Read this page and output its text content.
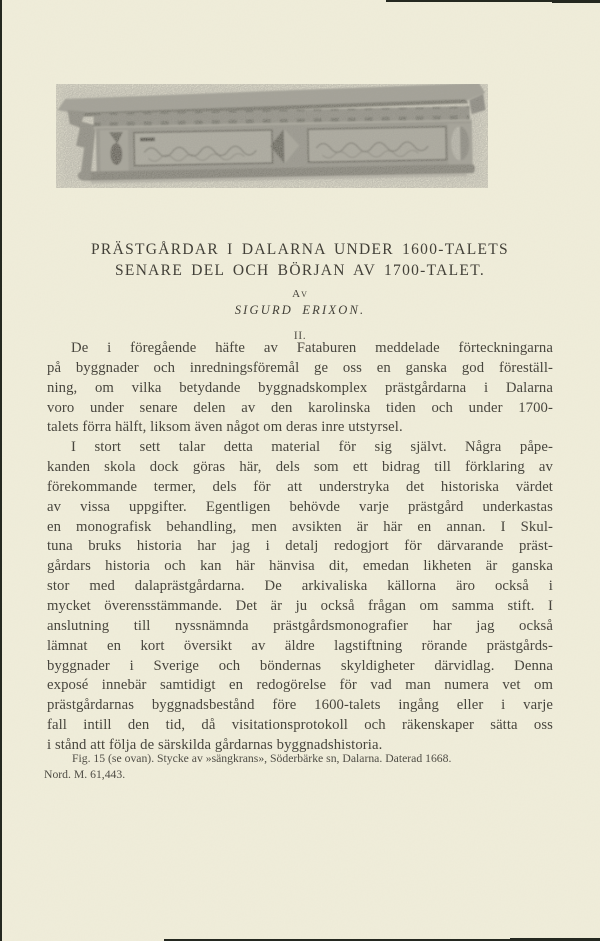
PRÄSTGÅRDAR I DALARNA UNDER 1600-TALETS
SENARE DEL OCH BÖRJAN AV 1700-TALET.
Av
SIGURD ERIXON.
II.
De i föregående häfte av Fataburen meddelade förteckningarna
på byggnader och inredningsföremål ge oss en ganska god föreställ-
ning, om vilka betydande byggnadskomplex prästgårdarna i Dalarna
voro under senare delen av den karolinska tiden och under 1700-
talets förra hälft, liksom även något om deras inre utstyrsel.
I stort sett talar detta material för sig självt. Några påpe-
kanden skola dock göras här, dels som ett bidrag till förklaring av
förekommande termer, dels för att understryka det historiska värdet
av vissa uppgifter. Egentligen behövde varje prästgård underkastas
en monografisk behandling, men avsikten är här en annan. I Skul-
tuna bruks historia har jag i detalj redogjort för därvarande präst-
gårdars historia och kan här hänvisa dit, emedan likheten är ganska
stor med dalaprästgårdarna. De arkivaliska källorna äro också i
mycket överensstämmande. Det är ju också frågan om samma stift. I
anslutning till nyssnämnda prästgårdsmonografier har jag också
lämnat en kort översikt av äldre lagstiftning rörande prästgårds-
byggnader i Sverige och böndernas skyldigheter därvidlag. Denna
exposé innebär samtidigt en redogörelse för vad man numera vet om
prästgårdarnas byggnadsbestånd före 1600-talets ingång eller i varje
fall intill den tid, då visitationsprotokoll och räkenskaper sätta oss
i stånd att följa de särskilda gårdarnas byggnadshistoria.
Fig. 15 (se ovan). Stycke av »sängkrans», Söderbärke sn, Dalarna. Daterad 1668.
Nord. M. 61,443.
